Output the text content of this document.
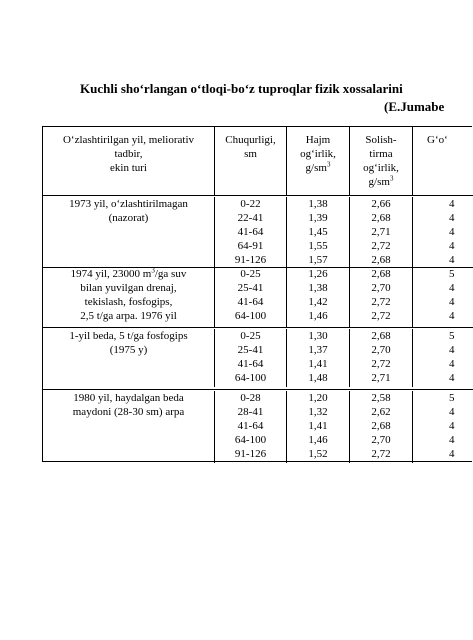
Kuchli sho‘rlangan o‘tloqi-bo‘z tuproqlar fizik xossalarini
(E.Jumabe
O‘zlashtirilgan yil, meliorativ
tadbir,
ekin turi
Chuqurligi,
sm
Hajm
og‘irlik,
$g/sm^3$
Solish-
tirma
og‘irlik,
$g/sm^3$
G‘o‘
1973 yil, o‘zlashtirilmagan
(nazorat)
0-22
22-41
41-64
64-91
91-126
1,38
1,39
1,45
1,55
1,57
2,66
2,68
2,71
2,72
2,68
4
4
4
4
4
1974 yil, 23000 $m^3/ga$ suv
bilan yuvilgan drenaj,
tekislash, fosfogips,
2,5 t/ga arpa. 1976 yil
0-25
25-41
41-64
64-100
1,26
1,38
1,42
1,46
2,68
2,70
2,72
2,72
5
4
4
4
1-yil beda, 5 t/ga fosfogips
(1975 y)
0-25
25-41
41-64
64-100
1,30
1,37
1,41
1,48
2,68
2,70
2,72
2,71
5
4
4
4
1980 yil, haydalgan beda
maydoni (28-30 sm) arpa
0-28
28-41
41-64
64-100
91-126
1,20
1,32
1,41
1,46
1,52
2,58
2,62
2,68
2,70
2,72
5
4
4
4
4
